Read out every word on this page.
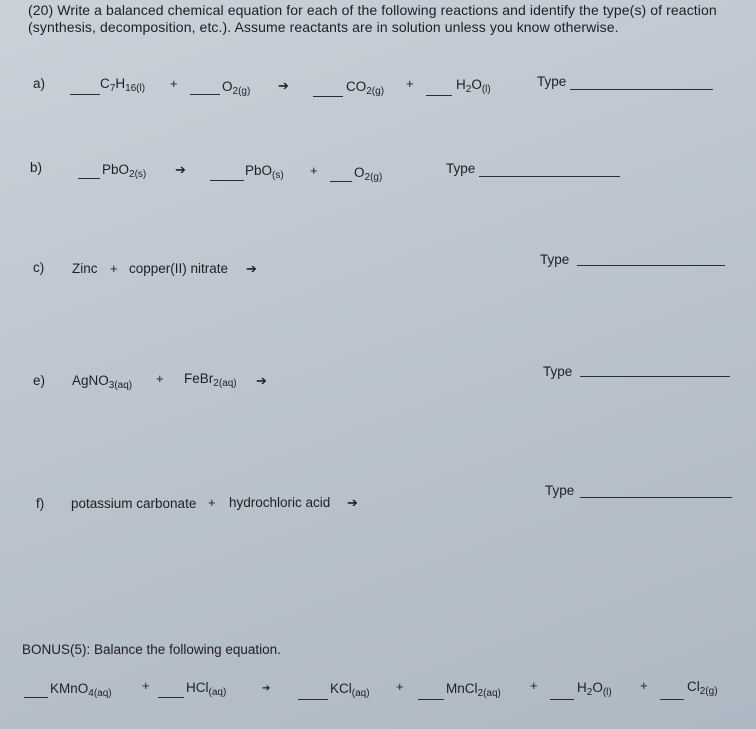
(20) Write a balanced chemical equation for each of the following reactions and identify the type(s) of reaction
(synthesis, decomposition, etc.). Assume reactants are in solution unless you know otherwise.
a)	$C_7H_{16(l)}$ +	$O_{2(g)}$ ➔	$CO_{2(g)}$
+	$H_2O_{(l)}$
Type
b)	PbO$_{2(s)}$ ➔	PbO$_{(s)}$ +	$O_{2(g)}$
Type
c) Zinc + copper(II) nitrate ➔
Type
e) AgNO$_{3(aq)}$ + FeBr$_{2(aq)}$ ➔
Type
f) potassium carbonate + hydrochloric acid ➔
Type
BONUS(5): Balance the following equation.
KMnO$_{4(aq)}$
+	HCl$_{(aq)}$	➔	KCl$_{(aq)}$ +	MnCl$_{2(aq)}$
+	$H_2O_{(l)}$ +	$Cl_{2(g)}$
